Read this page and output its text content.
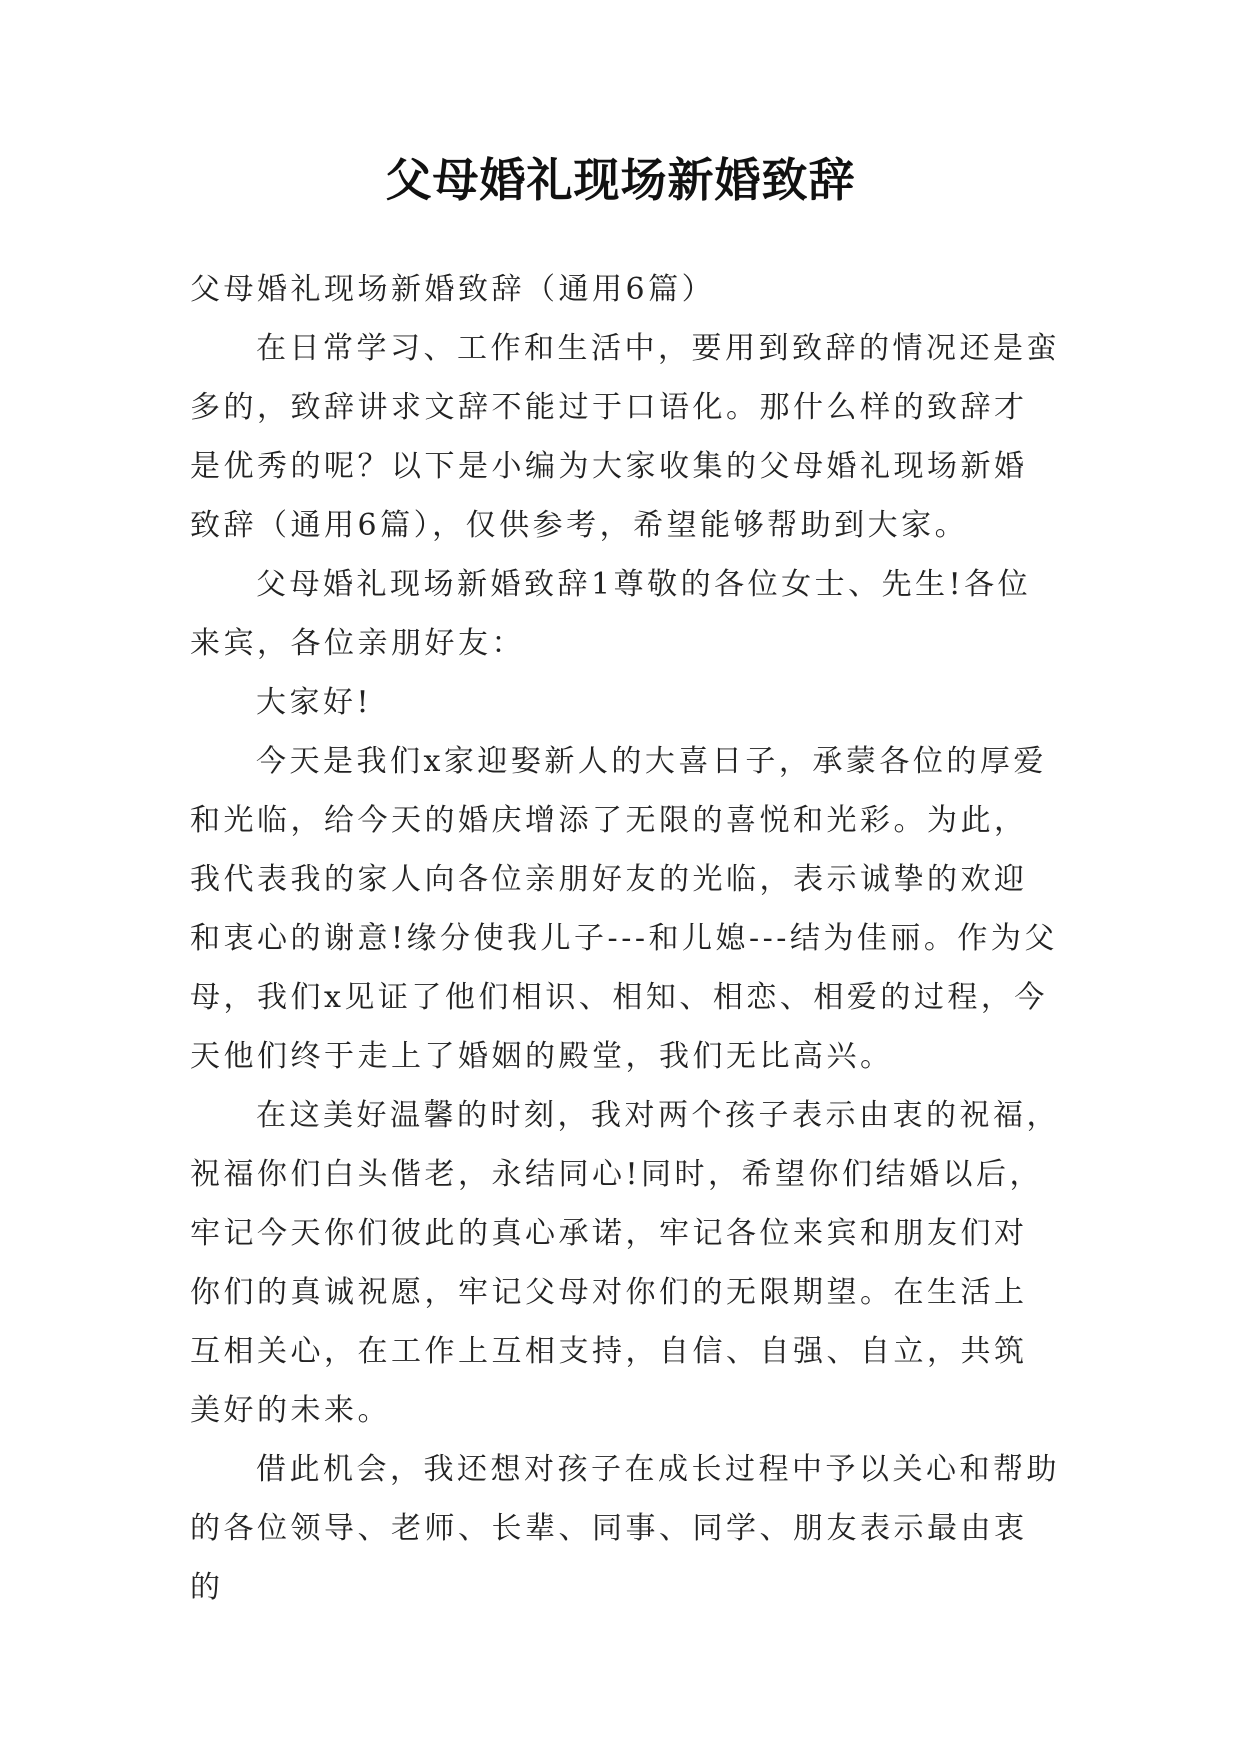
父母婚礼现场新婚致辞

父母婚礼现场新婚致辞（通用6篇）

在日常学习、工作和生活中，要用到致辞的情况还是蛮多的，致辞讲求文辞不能过于口语化。那什么样的致辞才是优秀的呢？以下是小编为大家收集的父母婚礼现场新婚致辞（通用6篇），仅供参考，希望能够帮助到大家。

父母婚礼现场新婚致辞1尊敬的各位女士、先生!各位来宾，各位亲朋好友：

大家好!

今天是我们x家迎娶新人的大喜日子，承蒙各位的厚爱和光临，给今天的婚庆增添了无限的喜悦和光彩。为此，我代表我的家人向各位亲朋好友的光临，表示诚挚的欢迎和衷心的谢意!缘分使我儿子---和儿媳---结为佳丽。作为父母，我们x见证了他们相识、相知、相恋、相爱的过程，今天他们终于走上了婚姻的殿堂，我们无比高兴。

在这美好温馨的时刻，我对两个孩子表示由衷的祝福，祝福你们白头偕老，永结同心!同时，希望你们结婚以后，牢记今天你们彼此的真心承诺，牢记各位来宾和朋友们对你们的真诚祝愿，牢记父母对你们的无限期望。在生活上互相关心，在工作上互相支持，自信、自强、自立，共筑美好的未来。

借此机会，我还想对孩子在成长过程中予以关心和帮助的各位领导、老师、长辈、同事、同学、朋友表示最由衷的
